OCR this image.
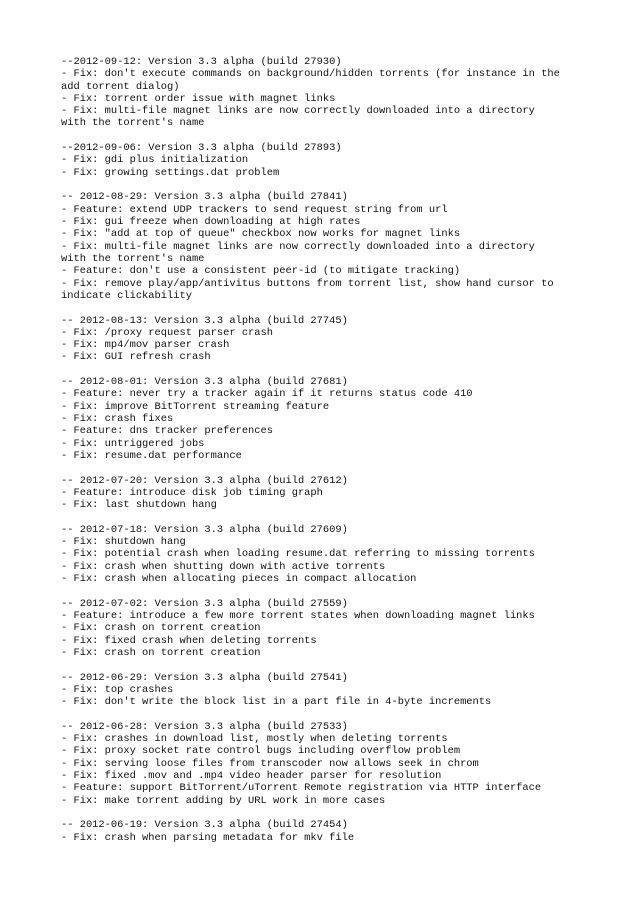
--2012-09-12: Version 3.3 alpha (build 27930)
- Fix: don't execute commands on background/hidden torrents (for instance in the
add torrent dialog)
- Fix: torrent order issue with magnet links
- Fix: multi-file magnet links are now correctly downloaded into a directory
with the torrent's name
--2012-09-06: Version 3.3 alpha (build 27893)
- Fix: gdi plus initialization
- Fix: growing settings.dat problem
-- 2012-08-29: Version 3.3 alpha (build 27841)
- Feature: extend UDP trackers to send request string from url
- Fix: gui freeze when downloading at high rates
- Fix: "add at top of queue" checkbox now works for magnet links
- Fix: multi-file magnet links are now correctly downloaded into a directory
with the torrent's name
- Feature: don't use a consistent peer-id (to mitigate tracking)
- Fix: remove play/app/antivitus buttons from torrent list, show hand cursor to
indicate clickability
-- 2012-08-13: Version 3.3 alpha (build 27745)
- Fix: /proxy request parser crash
- Fix: mp4/mov parser crash
- Fix: GUI refresh crash
-- 2012-08-01: Version 3.3 alpha (build 27681)
- Feature: never try a tracker again if it returns status code 410
- Fix: improve BitTorrent streaming feature
- Fix: crash fixes
- Feature: dns tracker preferences
- Fix: untriggered jobs
- Fix: resume.dat performance
-- 2012-07-20: Version 3.3 alpha (build 27612)
- Feature: introduce disk job timing graph
- Fix: last shutdown hang
-- 2012-07-18: Version 3.3 alpha (build 27609)
- Fix: shutdown hang
- Fix: potential crash when loading resume.dat referring to missing torrents
- Fix: crash when shutting down with active torrents
- Fix: crash when allocating pieces in compact allocation
-- 2012-07-02: Version 3.3 alpha (build 27559)
- Feature: introduce a few more torrent states when downloading magnet links
- Fix: crash on torrent creation
- Fix: fixed crash when deleting torrents
- Fix: crash on torrent creation
-- 2012-06-29: Version 3.3 alpha (build 27541)
- Fix: top crashes
- Fix: don't write the block list in a part file in 4-byte increments
-- 2012-06-28: Version 3.3 alpha (build 27533)
- Fix: crashes in download list, mostly when deleting torrents
- Fix: proxy socket rate control bugs including overflow problem
- Fix: serving loose files from transcoder now allows seek in chrom
- Fix: fixed .mov and .mp4 video header parser for resolution
- Feature: support BitTorrent/uTorrent Remote registration via HTTP interface
- Fix: make torrent adding by URL work in more cases
-- 2012-06-19: Version 3.3 alpha (build 27454)
- Fix: crash when parsing metadata for mkv file
